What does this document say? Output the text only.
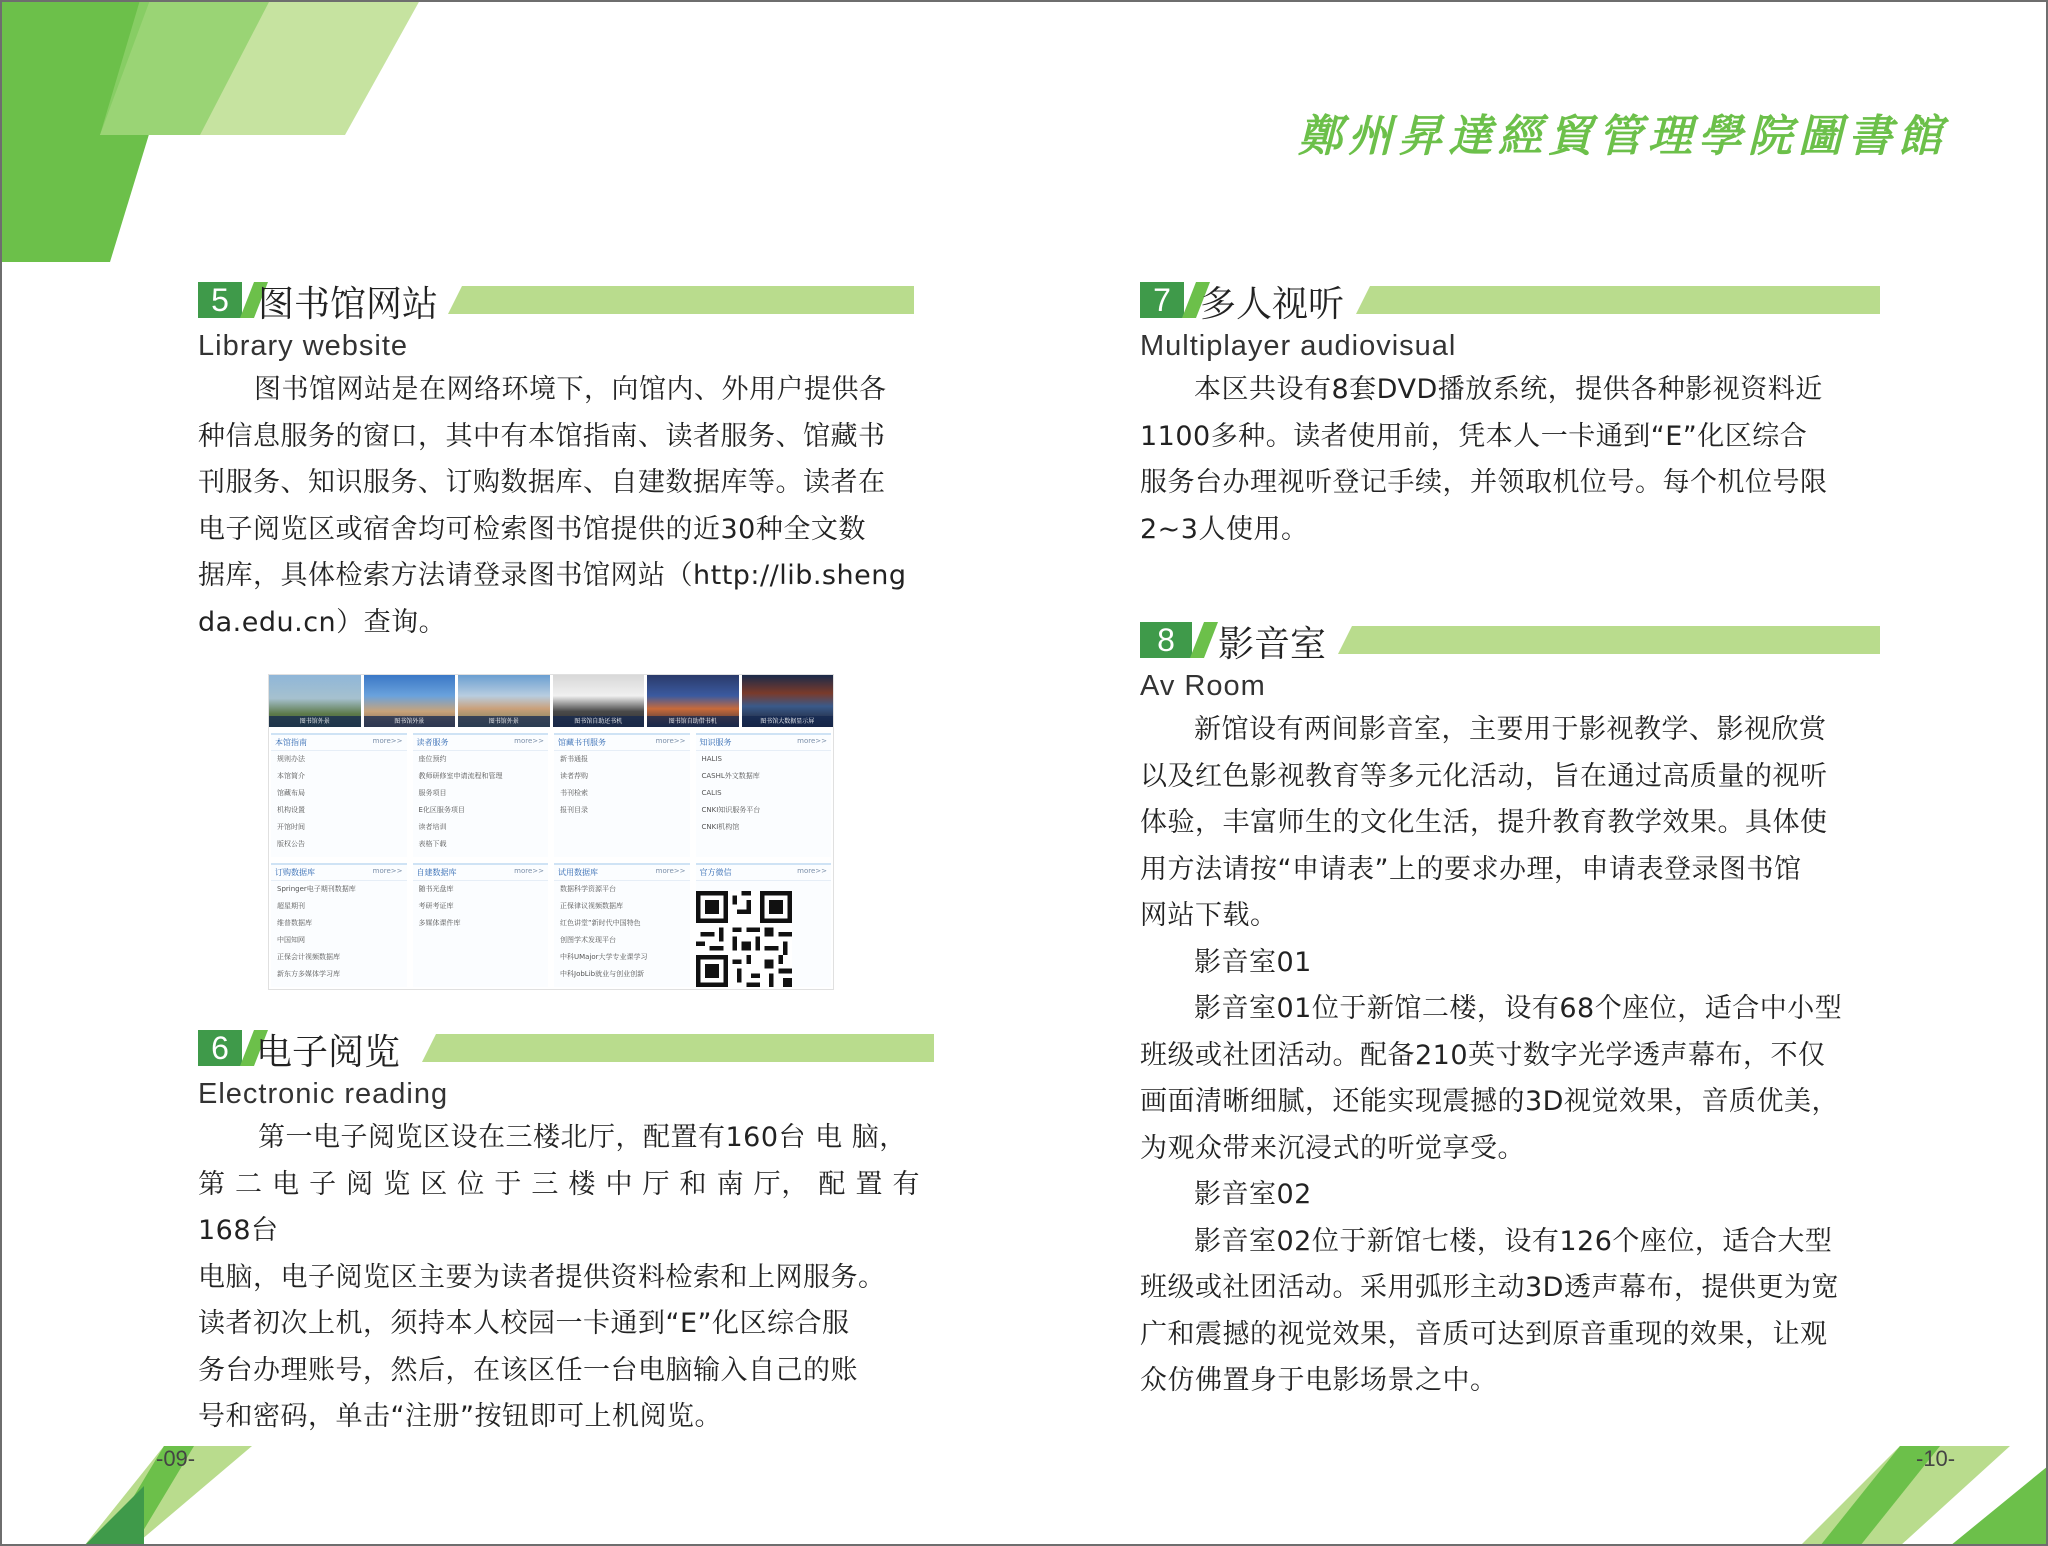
鄭州昇達經貿管理學院圖書館
5 图书馆网站
Library website
图书馆网站是在网络环境下，向馆内、外用户提供各
种信息服务的窗口，其中有本馆指南、读者服务、馆藏书
刊服务、知识服务、订购数据库、自建数据库等。读者在
电子阅览区或宿舍均可检索图书馆提供的近30种全文数
据库，具体检索方法请登录图书馆网站（http://lib.sheng
da.edu.cn）查询。
图书馆外景	图书馆外景	图书馆外景	图书馆自助还书机	图书馆自助借书机	图书馆大数据显示屏
本馆指南	more>>
规则办法
本馆简介
馆藏布局
机构设置
开馆时间
版权公告
读者服务	more>>
座位预约
教师研修室申请流程和管理
服务项目
E化区服务项目
读者培训
表格下载
馆藏书刊服务	more>>
新书通报
读者荐购
书刊检索
报刊目录
知识服务	more>>
HALIS
CASHL外文数据库
CALIS
CNKI知识服务平台
CNKI机构馆
订购数据库	more>>
Springer电子期刊数据库
超星期刊
维普数据库
中国知网
正保会计视频数据库
新东方多媒体学习库
自建数据库	more>>
随书光盘库
考研考证库
多媒体课件库
试用数据库	more>>
数据科学资源平台
正保律议视频数据库
红色讲堂”新时代中国特色
创图学术发现平台
中科UMajor大学专业课学习
中科JobLib就业与创业创新
官方微信	more>>
6 电子阅览
Electronic reading
第一电子阅览区设在三楼北厅，配置有160台 电 脑，
第 二 电 子 阅 览 区 位 于 三 楼 中 厅 和 南 厅， 配 置 有168台
电脑，电子阅览区主要为读者提供资料检索和上网服务。
读者初次上机，须持本人校园一卡通到“E”化区综合服
务台办理账号，然后，在该区任一台电脑输入自己的账
号和密码，单击“注册”按钮即可上机阅览。
7 多人视听
Multiplayer audiovisual
本区共设有8套DVD播放系统，提供各种影视资料近
1100多种。读者使用前，凭本人一卡通到“E”化区综合
服务台办理视听登记手续，并领取机位号。每个机位号限
2~3人使用。
8	影音室
Av Room
新馆设有两间影音室，主要用于影视教学、影视欣赏
以及红色影视教育等多元化活动，旨在通过高质量的视听
体验，丰富师生的文化生活，提升教育教学效果。具体使
用方法请按“申请表”上的要求办理，申请表登录图书馆
网站下载。
影音室01
影音室01位于新馆二楼，设有68个座位，适合中小型
班级或社团活动。配备210英寸数字光学透声幕布，不仅
画面清晰细腻，还能实现震撼的3D视觉效果，音质优美，
为观众带来沉浸式的听觉享受。
影音室02
影音室02位于新馆七楼，设有126个座位，适合大型
班级或社团活动。采用弧形主动3D透声幕布，提供更为宽
广和震撼的视觉效果，音质可达到原音重现的效果，让观
众仿佛置身于电影场景之中。
-09-	-10-
